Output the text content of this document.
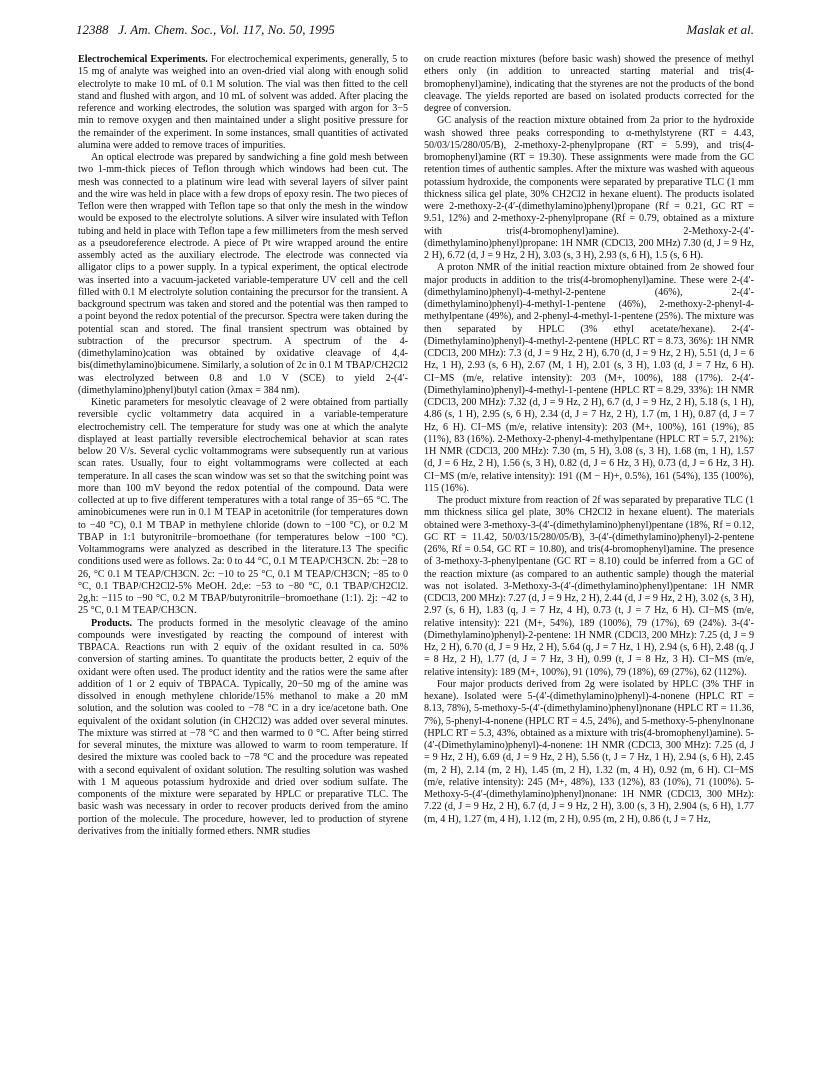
12388 J. Am. Chem. Soc., Vol. 117, No. 50, 1995	Maslak et al.

Electrochemical Experiments. For electrochemical experiments, generally, 5 to 15 mg of analyte was weighed into an oven-dried vial along with enough solid electrolyte to make 10 mL of 0.1 M solution. The vial was then fitted to the cell stand and flushed with argon, and 10 mL of solvent was added. After placing the reference and working electrodes, the solution was sparged with argon for 3−5 min to remove oxygen and then maintained under a slight positive pressure for the remainder of the experiment. In some instances, small quantities of activated alumina were added to remove traces of impurities.

An optical electrode was prepared by sandwiching a fine gold mesh between two 1-mm-thick pieces of Teflon through which windows had been cut. The mesh was connected to a platinum wire lead with several layers of silver paint and the wire was held in place with a few drops of epoxy resin. The two pieces of Teflon were then wrapped with Teflon tape so that only the mesh in the window would be exposed to the electrolyte solutions. A silver wire insulated with Teflon tubing and held in place with Teflon tape a few millimeters from the mesh served as a pseudoreference electrode. A piece of Pt wire wrapped around the entire assembly acted as the auxiliary electrode. The electrode was connected via alligator clips to a power supply. In a typical experiment, the optical electrode was inserted into a vacuum-jacketed variable-temperature UV cell and the cell filled with 0.1 M electrolyte solution containing the precursor for the transient. A background spectrum was taken and stored and the potential was then ramped to a point beyond the redox potential of the precursor. Spectra were taken during the potential scan and stored. The final transient spectrum was obtained by subtraction of the precursor spectrum. A spectrum of the 4-(dimethylamino)cation was obtained by oxidative cleavage of 4,4-bis(dimethylamino)bicumene. Similarly, a solution of 2c in 0.1 M TBAP/CH2Cl2 was electrolyzed between 0.8 and 1.0 V (SCE) to yield 2-(4′-(dimethylamino)phenyl)butyl cation (λmax = 384 nm).

Kinetic parameters for mesolytic cleavage of 2 were obtained from partially reversible cyclic voltammetry data acquired in a variable-temperature electrochemistry cell. The temperature for study was one at which the analyte displayed at least partially reversible electrochemical behavior at scan rates below 20 V/s. Several cyclic voltammograms were subsequently run at various scan rates. Usually, four to eight voltammograms were collected at each temperature. In all cases the scan window was set so that the switching point was more than 100 mV beyond the redox potential of the compound. Data were collected at up to five different temperatures with a total range of 35−65 °C. The aminobicumenes were run in 0.1 M TEAP in acetonitrile (for temperatures down to −40 °C), 0.1 M TBAP in methylene chloride (down to −100 °C), or 0.2 M TBAP in 1:1 butyronitrile−bromoethane (for temperatures below −100 °C). Voltammograms were analyzed as described in the literature.13 The specific conditions used were as follows. 2a: 0 to 44 °C, 0.1 M TEAP/CH3CN. 2b: −28 to 26, °C 0.1 M TEAP/CH3CN. 2c: −10 to 25 °C, 0.1 M TEAP/CH3CN; −85 to 0 °C, 0.1 TBAP/CH2Cl2-5% MeOH. 2d,e: −53 to −80 °C, 0.1 TBAP/CH2Cl2. 2g,h: −115 to −90 °C, 0.2 M TBAP/butyronitrile−bromoethane (1:1). 2j: −42 to 25 °C, 0.1 M TEAP/CH3CN.

Products. The products formed in the mesolytic cleavage of the amino compounds were investigated by reacting the compound of interest with TBPACA. Reactions run with 2 equiv of the oxidant resulted in ca. 50% conversion of starting amines. To quantitate the products better, 2 equiv of the oxidant were often used. The product identity and the ratios were the same after addition of 1 or 2 equiv of TBPACA. Typically, 20−50 mg of the amine was dissolved in enough methylene chloride/15% methanol to make a 20 mM solution, and the solution was cooled to −78 °C in a dry ice/acetone bath. One equivalent of the oxidant solution (in CH2Cl2) was added over several minutes. The mixture was stirred at −78 °C and then warmed to 0 °C. After being stirred for several minutes, the mixture was allowed to warm to room temperature. If desired the mixture was cooled back to −78 °C and the procedure was repeated with a second equivalent of oxidant solution. The resulting solution was washed with 1 M aqueous potassium hydroxide and dried over sodium sulfate. The components of the mixture were separated by HPLC or preparative TLC. The basic wash was necessary in order to recover products derived from the amino portion of the molecule. The procedure, however, led to production of styrene derivatives from the initially formed ethers. NMR studies

on crude reaction mixtures (before basic wash) showed the presence of methyl ethers only (in addition to unreacted starting material and tris(4-bromophenyl)amine), indicating that the styrenes are not the products of the bond cleavage. The yields reported are based on isolated products corrected for the degree of conversion.

GC analysis of the reaction mixture obtained from 2a prior to the hydroxide wash showed three peaks corresponding to α-methylstyrene (RT = 4.43, 50/03/15/280/05/B), 2-methoxy-2-phenylpropane (RT = 5.99), and tris(4-bromophenyl)amine (RT = 19.30). These assignments were made from the GC retention times of authentic samples. After the mixture was washed with aqueous potassium hydroxide, the components were separated by preparative TLC (1 mm thickness silica gel plate, 30% CH2Cl2 in hexane eluent). The products isolated were 2-methoxy-2-(4′-(dimethylamino)phenyl)propane (Rf = 0.21, GC RT = 9.51, 12%) and 2-methoxy-2-phenylpropane (Rf = 0.79, obtained as a mixture with tris(4-bromophenyl)amine). 2-Methoxy-2-(4′-(dimethylamino)phenyl)propane: 1H NMR (CDCl3, 200 MHz) 7.30 (d, J = 9 Hz, 2 H), 6.72 (d, J = 9 Hz, 2 H), 3.03 (s, 3 H), 2.93 (s, 6 H), 1.5 (s, 6 H).

A proton NMR of the initial reaction mixture obtained from 2e showed four major products in addition to the tris(4-bromophenyl)amine. These were 2-(4′-(dimethylamino)phenyl)-4-methyl-2-pentene (46%), 2-(4′-(dimethylamino)phenyl)-4-methyl-1-pentene (46%), 2-methoxy-2-phenyl-4-methylpentane (49%), and 2-phenyl-4-methyl-1-pentene (25%). The mixture was then separated by HPLC (3% ethyl acetate/hexane). 2-(4′-(Dimethylamino)phenyl)-4-methyl-2-pentene (HPLC RT = 8.73, 36%): 1H NMR (CDCl3, 200 MHz): 7.3 (d, J = 9 Hz, 2 H), 6.70 (d, J = 9 Hz, 2 H), 5.51 (d, J = 6 Hz, 1 H), 2.93 (s, 6 H), 2.67 (M, 1 H), 2.01 (s, 3 H), 1.03 (d, J = 7 Hz, 6 H). CI−MS (m/e, relative intensity): 203 (M+, 100%), 188 (17%). 2-(4′-(Dimethylamino)phenyl)-4-methyl-1-pentene (HPLC RT = 8.29, 33%): 1H NMR (CDCl3, 200 MHz): 7.32 (d, J = 9 Hz, 2 H), 6.7 (d, J = 9 Hz, 2 H), 5.18 (s, 1 H), 4.86 (s, 1 H), 2.95 (s, 6 H), 2.34 (d, J = 7 Hz, 2 H), 1.7 (m, 1 H), 0.87 (d, J = 7 Hz, 6 H). CI−MS (m/e, relative intensity): 203 (M+, 100%), 161 (19%), 85 (11%), 83 (16%). 2-Methoxy-2-phenyl-4-methylpentane (HPLC RT = 5.7, 21%): 1H NMR (CDCl3, 200 MHz): 7.30 (m, 5 H), 3.08 (s, 3 H), 1.68 (m, 1 H), 1.57 (d, J = 6 Hz, 2 H), 1.56 (s, 3 H), 0.82 (d, J = 6 Hz, 3 H), 0.73 (d, J = 6 Hz, 3 H). CI−MS (m/e, relative intensity): 191 ((M − H)+, 0.5%), 161 (54%), 135 (100%), 115 (16%).

The product mixture from reaction of 2f was separated by preparative TLC (1 mm thickness silica gel plate, 30% CH2Cl2 in hexane eluent). The materials obtained were 3-methoxy-3-(4′-(dimethylamino)phenyl)pentane (18%, Rf = 0.12, GC RT = 11.42, 50/03/15/280/05/B), 3-(4′-(dimethylamino)phenyl)-2-pentene (26%, Rf = 0.54, GC RT = 10.80), and tris(4-bromophenyl)amine. The presence of 3-methoxy-3-phenylpentane (GC RT = 8.10) could be inferred from a GC of the reaction mixture (as compared to an authentic sample) though the material was not isolated. 3-Methoxy-3-(4′-(dimethylamino)phenyl)pentane: 1H NMR (CDCl3, 200 MHz): 7.27 (d, J = 9 Hz, 2 H), 2.44 (d, J = 9 Hz, 2 H), 3.02 (s, 3 H), 2.97 (s, 6 H), 1.83 (q, J = 7 Hz, 4 H), 0.73 (t, J = 7 Hz, 6 H). CI−MS (m/e, relative intensity): 221 (M+, 54%), 189 (100%), 79 (17%), 69 (24%). 3-(4′-(Dimethylamino)phenyl)-2-pentene: 1H NMR (CDCl3, 200 MHz): 7.25 (d, J = 9 Hz, 2 H), 6.70 (d, J = 9 Hz, 2 H), 5.64 (q, J = 7 Hz, 1 H), 2.94 (s, 6 H), 2.48 (q, J = 8 Hz, 2 H), 1.77 (d, J = 7 Hz, 3 H), 0.99 (t, J = 8 Hz, 3 H). CI−MS (m/e, relative intensity): 189 (M+, 100%), 91 (10%), 79 (18%), 69 (27%), 62 (112%).

Four major products derived from 2g were isolated by HPLC (3% THF in hexane). Isolated were 5-(4′-(dimethylamino)phenyl)-4-nonene (HPLC RT = 8.13, 78%), 5-methoxy-5-(4′-(dimethylamino)phenyl)nonane (HPLC RT = 11.36, 7%), 5-phenyl-4-nonene (HPLC RT = 4.5, 24%), and 5-methoxy-5-phenylnonane (HPLC RT = 5.3, 43%, obtained as a mixture with tris(4-bromophenyl)amine). 5-(4′-(Dimethylamino)phenyl)-4-nonene: 1H NMR (CDCl3, 300 MHz): 7.25 (d, J = 9 Hz, 2 H), 6.69 (d, J = 9 Hz, 2 H), 5.56 (t, J = 7 Hz, 1 H), 2.94 (s, 6 H), 2.45 (m, 2 H), 2.14 (m, 2 H), 1.45 (m, 2 H), 1.32 (m, 4 H), 0.92 (m, 6 H). CI−MS (m/e, relative intensity): 245 (M+, 48%), 133 (12%), 83 (10%), 71 (100%). 5-Methoxy-5-(4′-(dimethylamino)phenyl)nonane: 1H NMR (CDCl3, 300 MHz): 7.22 (d, J = 9 Hz, 2 H), 6.7 (d, J = 9 Hz, 2 H), 3.00 (s, 3 H), 2.904 (s, 6 H), 1.77 (m, 4 H), 1.27 (m, 4 H), 1.12 (m, 2 H), 0.95 (m, 2 H), 0.86 (t, J = 7 Hz,
